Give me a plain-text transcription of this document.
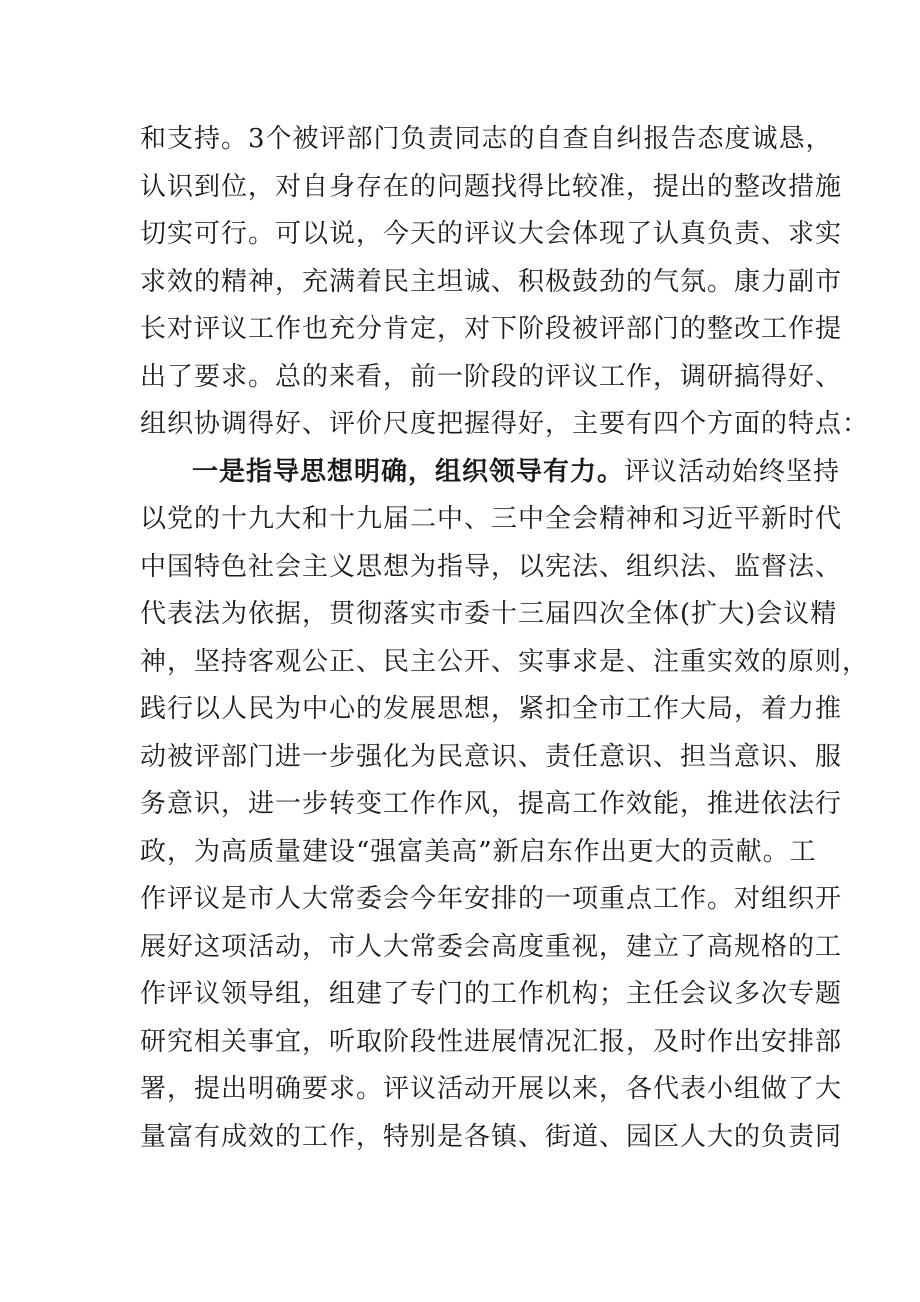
和支持。3个被评部门负责同志的自查自纠报告态度诚恳，
认识到位，对自身存在的问题找得比较准，提出的整改措施
切实可行。可以说，今天的评议大会体现了认真负责、求实
求效的精神，充满着民主坦诚、积极鼓劲的气氛。康力副市
长对评议工作也充分肯定，对下阶段被评部门的整改工作提
出了要求。总的来看，前一阶段的评议工作，调研搞得好、
组织协调得好、评价尺度把握得好，主要有四个方面的特点：
一是指导思想明确，组织领导有力。评议活动始终坚持
以党的十九大和十九届二中、三中全会精神和习近平新时代
中国特色社会主义思想为指导，以宪法、组织法、监督法、
代表法为依据，贯彻落实市委十三届四次全体(扩大)会议精
神，坚持客观公正、民主公开、实事求是、注重实效的原则，
践行以人民为中心的发展思想，紧扣全市工作大局，着力推
动被评部门进一步强化为民意识、责任意识、担当意识、服
务意识，进一步转变工作作风，提高工作效能，推进依法行
政，为高质量建设“强富美高”新启东作出更大的贡献。工
作评议是市人大常委会今年安排的一项重点工作。对组织开
展好这项活动，市人大常委会高度重视，建立了高规格的工
作评议领导组，组建了专门的工作机构；主任会议多次专题
研究相关事宜，听取阶段性进展情况汇报，及时作出安排部
署，提出明确要求。评议活动开展以来，各代表小组做了大
量富有成效的工作，特别是各镇、街道、园区人大的负责同
